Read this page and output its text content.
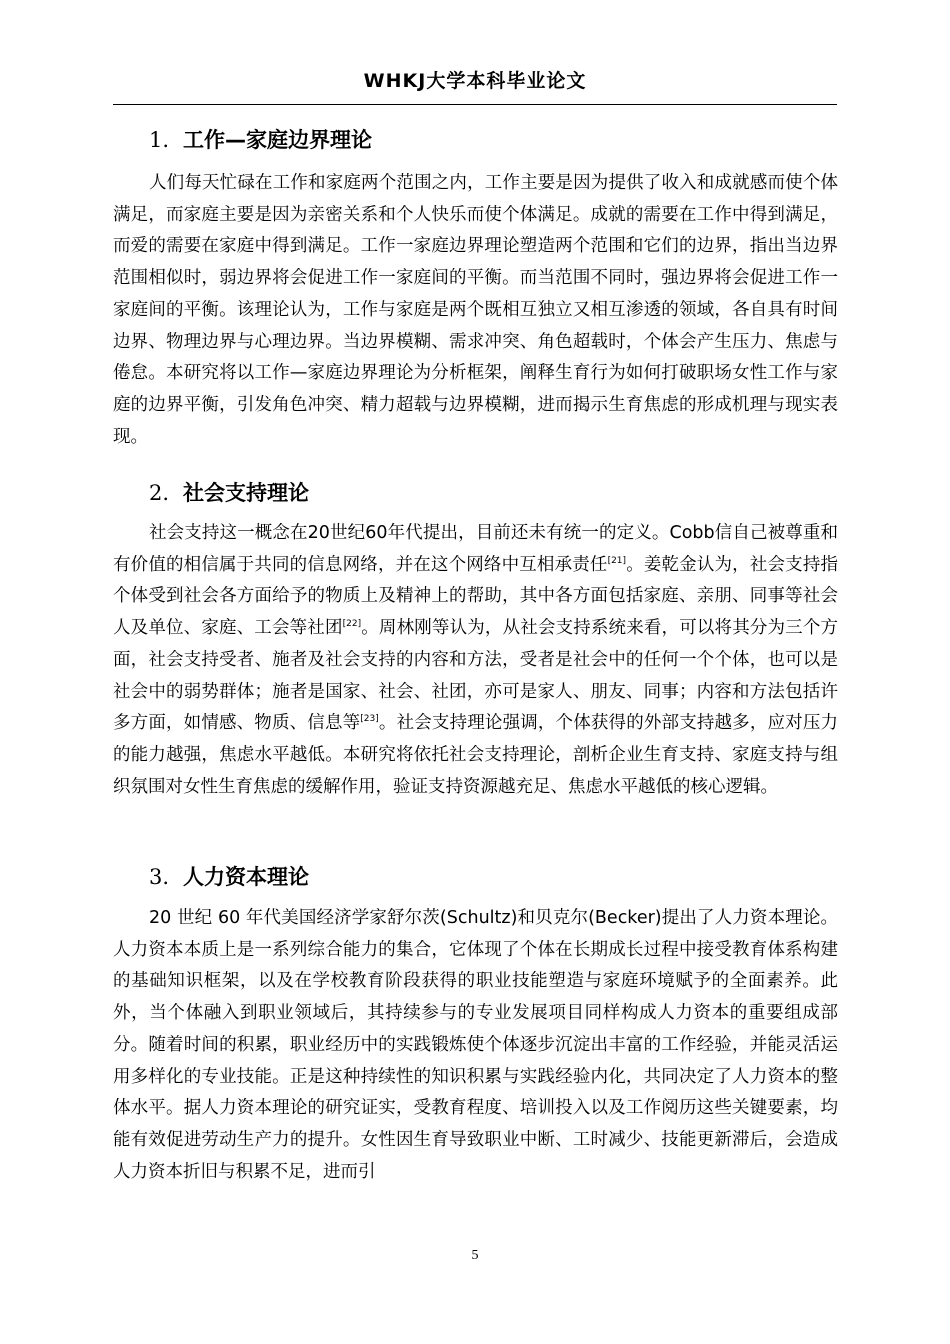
WHKJ大学本科毕业论文
1. 工作—家庭边界理论
人们每天忙碌在工作和家庭两个范围之内，工作主要是因为提供了收入和成就感而使个体满足，而家庭主要是因为亲密关系和个人快乐而使个体满足。成就的需要在工作中得到满足，而爱的需要在家庭中得到满足。工作一家庭边界理论塑造两个范围和它们的边界，指出当边界范围相似时，弱边界将会促进工作一家庭间的平衡。而当范围不同时，强边界将会促进工作一家庭间的平衡。该理论认为，工作与家庭是两个既相互独立又相互渗透的领域，各自具有时间边界、物理边界与心理边界。当边界模糊、需求冲突、角色超载时，个体会产生压力、焦虑与倦怠。本研究将以工作—家庭边界理论为分析框架，阐释生育行为如何打破职场女性工作与家庭的边界平衡，引发角色冲突、精力超载与边界模糊，进而揭示生育焦虑的形成机理与现实表现。
2. 社会支持理论
社会支持这一概念在20世纪60年代提出，目前还未有统一的定义。Cobb信自己被尊重和有价值的相信属于共同的信息网络，并在这个网络中互相承责任[21]。姜乾金认为，社会支持指个体受到社会各方面给予的物质上及精神上的帮助，其中各方面包括家庭、亲朋、同事等社会人及单位、家庭、工会等社团[22]。周林刚等认为，从社会支持系统来看，可以将其分为三个方面，社会支持受者、施者及社会支持的内容和方法，受者是社会中的任何一个个体，也可以是社会中的弱势群体；施者是国家、社会、社团，亦可是家人、朋友、同事；内容和方法包括许多方面，如情感、物质、信息等[23]。社会支持理论强调，个体获得的外部支持越多，应对压力的能力越强，焦虑水平越低。本研究将依托社会支持理论，剖析企业生育支持、家庭支持与组织氛围对女性生育焦虑的缓解作用，验证支持资源越充足、焦虑水平越低的核心逻辑。
3. 人力资本理论
20 世纪 60 年代美国经济学家舒尔茨(Schultz)和贝克尔(Becker)提出了人力资本理论。人力资本本质上是一系列综合能力的集合，它体现了个体在长期成长过程中接受教育体系构建的基础知识框架，以及在学校教育阶段获得的职业技能塑造与家庭环境赋予的全面素养。此外，当个体融入到职业领域后，其持续参与的专业发展项目同样构成人力资本的重要组成部分。随着时间的积累，职业经历中的实践锻炼使个体逐步沉淀出丰富的工作经验，并能灵活运用多样化的专业技能。正是这种持续性的知识积累与实践经验内化，共同决定了人力资本的整体水平。据人力资本理论的研究证实，受教育程度、培训投入以及工作阅历这些关键要素，均能有效促进劳动生产力的提升。女性因生育导致职业中断、工时减少、技能更新滞后，会造成人力资本折旧与积累不足，进而引
5
